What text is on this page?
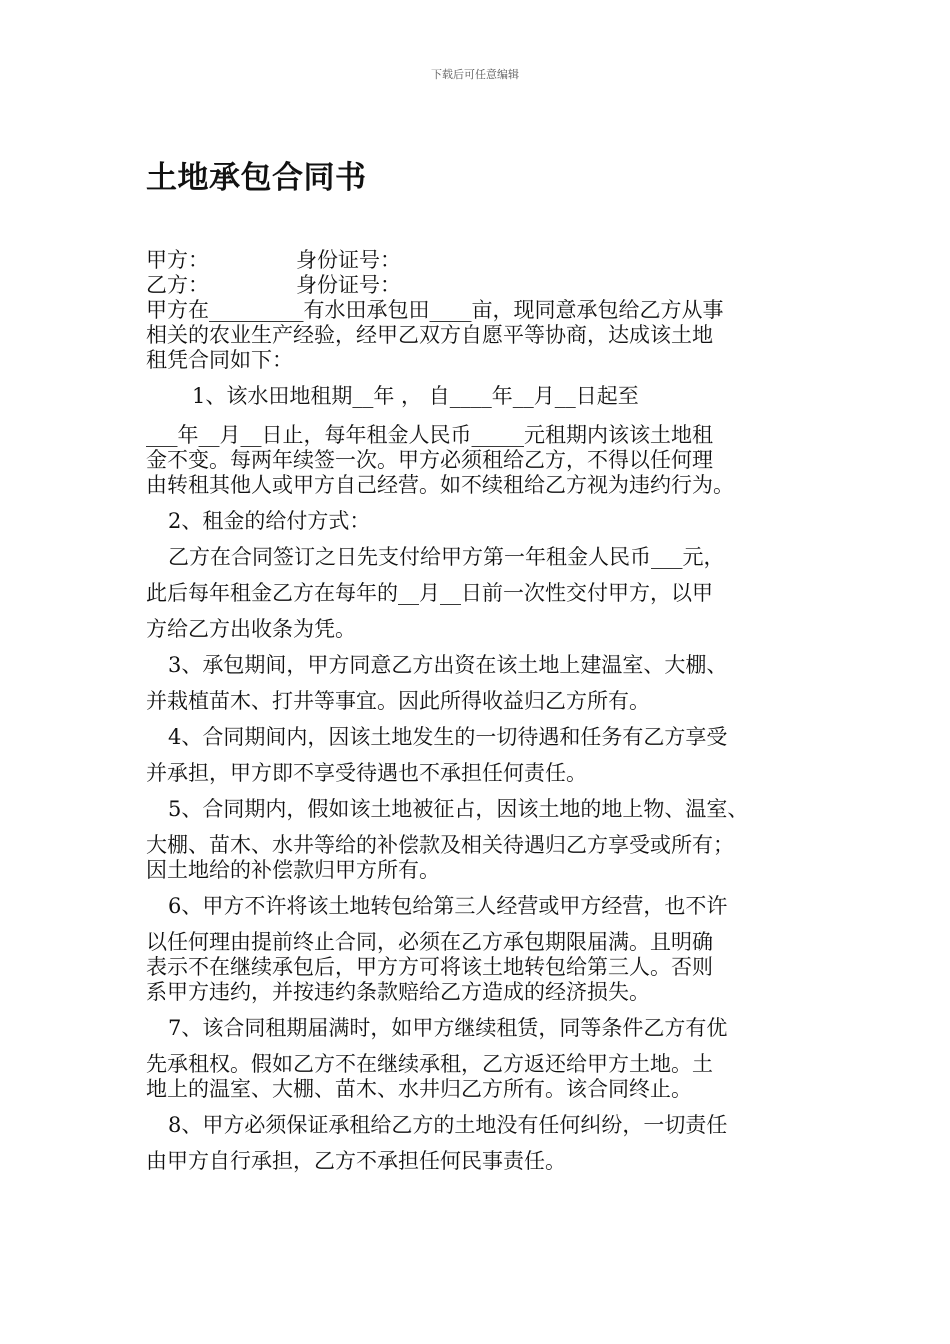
下载后可任意编辑
土地承包合同书
甲方：	身份证号：
乙方：	身份证号：
甲方在_________有水田承包田____亩，现同意承包给乙方从事
相关的农业生产经验，经甲乙双方自愿平等协商，达成该土地
租凭合同如下：
1、该水田地租期__年 ， 自____年__月__日起至
___年__月__日止，每年租金人民币_____元租期内该该土地租
金不变。每两年续签一次。甲方必须租给乙方，不得以任何理
由转租其他人或甲方自己经营。如不续租给乙方视为违约行为。
2、租金的给付方式：
乙方在合同签订之日先支付给甲方第一年租金人民币___元，
此后每年租金乙方在每年的__月__日前一次性交付甲方，以甲
方给乙方出收条为凭。
3、承包期间，甲方同意乙方出资在该土地上建温室、大棚、
并栽植苗木、打井等事宜。因此所得收益归乙方所有。
4、合同期间内，因该土地发生的一切待遇和任务有乙方享受
并承担，甲方即不享受待遇也不承担任何责任。
5、合同期内，假如该土地被征占，因该土地的地上物、温室、
大棚、苗木、水井等给的补偿款及相关待遇归乙方享受或所有；
因土地给的补偿款归甲方所有。
6、甲方不许将该土地转包给第三人经营或甲方经营，也不许
以任何理由提前终止合同，必须在乙方承包期限届满。且明确
表示不在继续承包后，甲方方可将该土地转包给第三人。否则
系甲方违约，并按违约条款赔给乙方造成的经济损失。
7、该合同租期届满时，如甲方继续租赁，同等条件乙方有优
先承租权。假如乙方不在继续承租，乙方返还给甲方土地。土
地上的温室、大棚、苗木、水井归乙方所有。该合同终止。
8、甲方必须保证承租给乙方的土地没有任何纠纷，一切责任
由甲方自行承担，乙方不承担任何民事责任。
